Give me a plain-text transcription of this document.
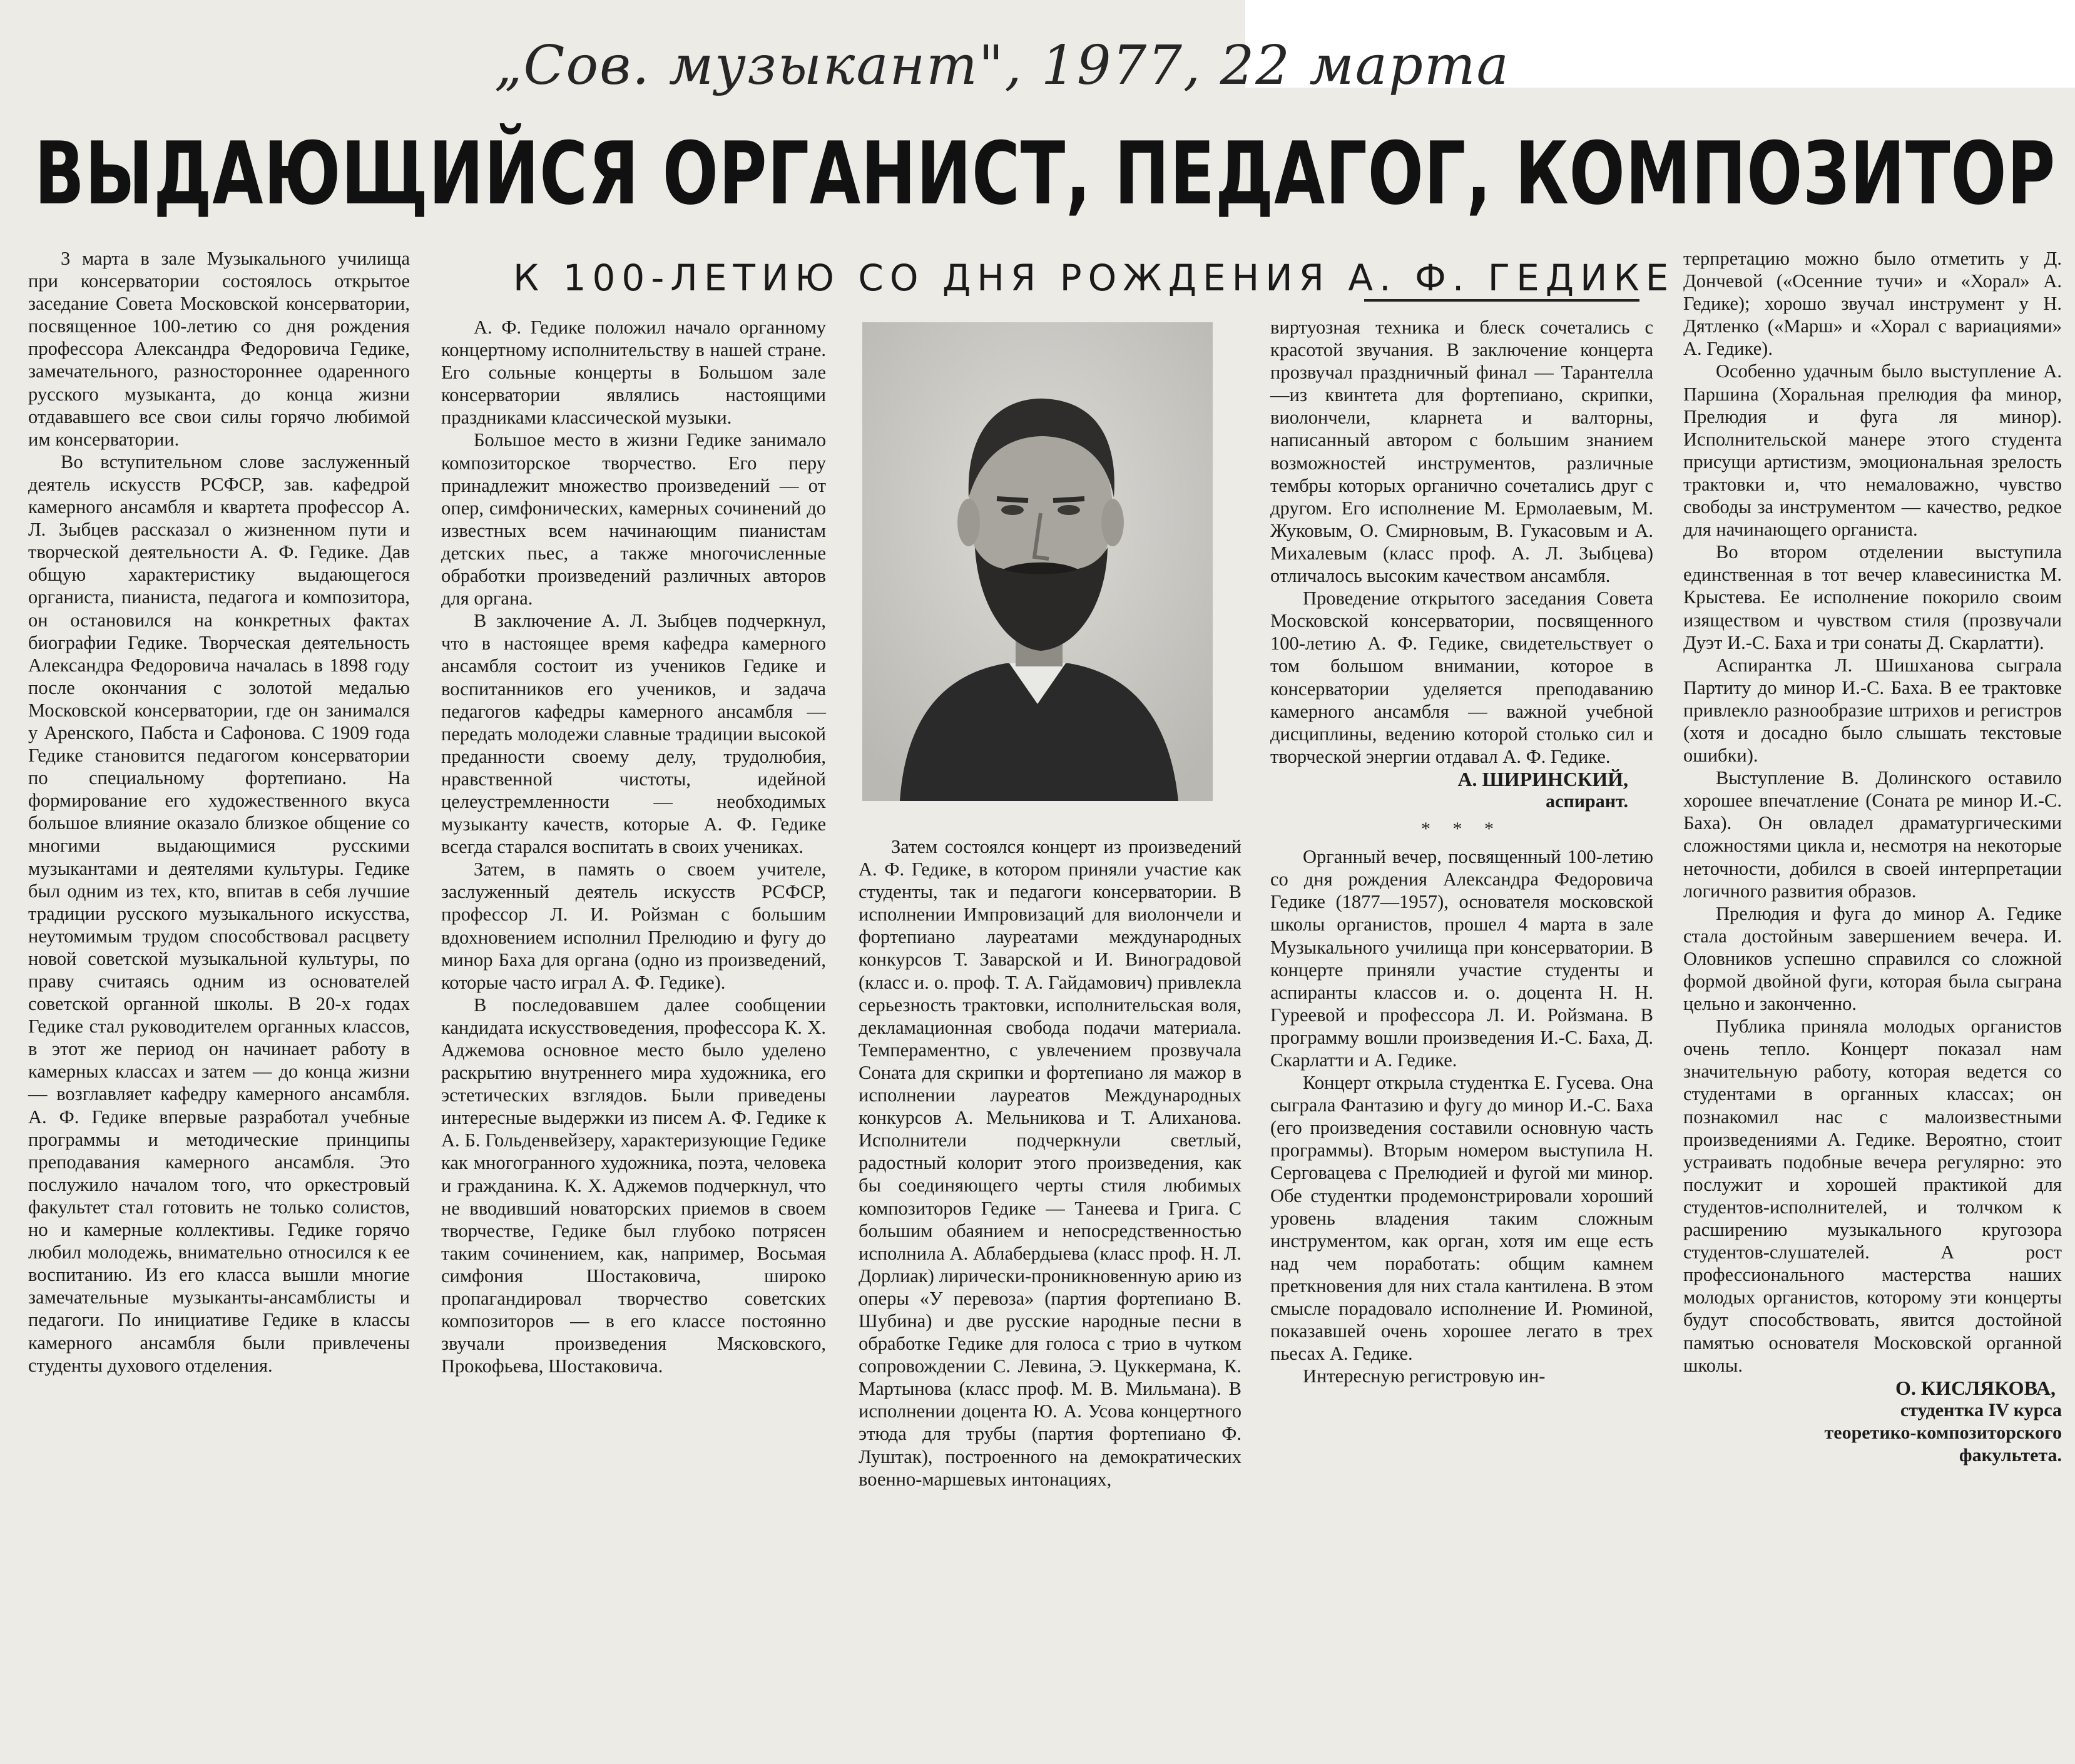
„Сов. музыкант", 1977, 22 марта
ВЫДАЮЩИЙСЯ ОРГАНИСТ, ПЕДАГОГ, КОМПОЗИТОР
К 100-ЛЕТИЮ СО ДНЯ РОЖДЕНИЯ А. Ф. ГЕДИКЕ

3 марта в зале Музыкального училища при консерватории состоялось открытое заседание Совета Московской консерватории, посвященное 100-летию со дня рождения профессора Александра Федоровича Гедике, замечательного, разностороннее одаренного русского музыканта, до конца жизни отдававшего все свои силы горячо любимой им консерватории.

Во вступительном слове заслуженный деятель искусств РСФСР, зав. кафедрой камерного ансамбля и квартета профессор А. Л. Зыбцев рассказал о жизненном пути и творческой деятельности А. Ф. Гедике. Дав общую характеристику выдающегося органиста, пианиста, педагога и композитора, он остановился на конкретных фактах биографии Гедике. Творческая деятельность Александра Федоровича началась в 1898 году после окончания с золотой медалью Московской консерватории, где он занимался у Аренского, Пабста и Сафонова. С 1909 года Гедике становится педагогом консерватории по специальному фортепиано. На формирование его художественного вкуса большое влияние оказало близкое общение со многими выдающимися русскими музыкантами и деятелями культуры. Гедике был одним из тех, кто, впитав в себя лучшие традиции русского музыкального искусства, неутомимым трудом способствовал расцвету новой советской музыкальной культуры, по праву считаясь одним из основателей советской органной школы. В 20-х годах Гедике стал руководителем органных классов, в этот же период он начинает работу в камерных классах и затем — до конца жизни — возглавляет кафедру камерного ансамбля. А. Ф. Гедике впервые разработал учебные программы и методические принципы преподавания камерного ансамбля. Это послужило началом того, что оркестровый факультет стал готовить не только солистов, но и камерные коллективы. Гедике горячо любил молодежь, внимательно относился к ее воспитанию. Из его класса вышли многие замечательные музыканты-ансамблисты и педагоги. По инициативе Гедике в классы камерного ансамбля были привлечены студенты духового отделения.

А. Ф. Гедике положил начало органному концертному исполнительству в нашей стране. Его сольные концерты в Большом зале консерватории являлись настоящими праздниками классической музыки.

Большое место в жизни Гедике занимало композиторское творчество. Его перу принадлежит множество произведений — от опер, симфонических, камерных сочинений до известных всем начинающим пианистам детских пьес, а также многочисленные обработки произведений различных авторов для органа.

В заключение А. Л. Зыбцев подчеркнул, что в настоящее время кафедра камерного ансамбля состоит из учеников Гедике и воспитанников его учеников, и задача педагогов кафедры камерного ансамбля — передать молодежи славные традиции высокой преданности своему делу, трудолюбия, нравственной чистоты, идейной целеустремленности — необходимых музыканту качеств, которые А. Ф. Гедике всегда старался воспитать в своих учениках.

Затем, в память о своем учителе, заслуженный деятель искусств РСФСР, профессор Л. И. Ройзман с большим вдохновением исполнил Прелюдию и фугу до минор Баха для органа (одно из произведений, которые часто играл А. Ф. Гедике).

В последовавшем далее сообщении кандидата искусствоведения, профессора К. Х. Аджемова основное место было уделено раскрытию внутреннего мира художника, его эстетических взглядов. Были приведены интересные выдержки из писем А. Ф. Гедике к А. Б. Гольденвейзеру, характеризующие Гедике как многогранного художника, поэта, человека и гражданина. К. Х. Аджемов подчеркнул, что не вводивший новаторских приемов в своем творчестве, Гедике был глубоко потрясен таким сочинением, как, например, Восьмая симфония Шостаковича, широко пропагандировал творчество советских композиторов — в его классе постоянно звучали произведения Мясковского, Прокофьева, Шостаковича.

Затем состоялся концерт из произведений А. Ф. Гедике, в котором приняли участие как студенты, так и педагоги консерватории. В исполнении Импровизаций для виолончели и фортепиано лауреатами международных конкурсов Т. Заварской и И. Виноградовой (класс и. о. проф. Т. А. Гайдамович) привлекла серьезность трактовки, исполнительская воля, декламационная свобода подачи материала. Темпераментно, с увлечением прозвучала Соната для скрипки и фортепиано ля мажор в исполнении лауреатов Международных конкурсов А. Мельникова и Т. Алиханова. Исполнители подчеркнули светлый, радостный колорит этого произведения, как бы соединяющего черты стиля любимых композиторов Гедике — Танеева и Грига. С большим обаянием и непосредственностью исполнила А. Аблабердыева (класс проф. Н. Л. Дорлиак) лирически-проникновенную арию из оперы «У перевоза» (партия фортепиано В. Шубина) и две русские народные песни в обработке Гедике для голоса с трио в чутком сопровождении С. Левина, Э. Цуккермана, К. Мартынова (класс проф. М. В. Мильмана). В исполнении доцента Ю. А. Усова концертного этюда для трубы (партия фортепиано Ф. Луштак), построенного на демократических военно-маршевых интонациях,

виртуозная техника и блеск сочетались с красотой звучания. В заключение концерта прозвучал праздничный финал — Тарантелла—из квинтета для фортепиано, скрипки, виолончели, кларнета и валторны, написанный автором с большим знанием возможностей инструментов, различные тембры которых органично сочетались друг с другом. Его исполнение М. Ермолаевым, М. Жуковым, О. Смирновым, В. Гукасовым и А. Михалевым (класс проф. А. Л. Зыбцева) отличалось высоким качеством ансамбля.

Проведение открытого заседания Совета Московской консерватории, посвященного 100-летию А. Ф. Гедике, свидетельствует о том большом внимании, которое в консерватории уделяется преподаванию камерного ансамбля — важной учебной дисциплины, ведению которой столько сил и творческой энергии отдавал А. Ф. Гедике.

А. ШИРИНСКИЙ,
аспирант.
* * *

Органный вечер, посвященный 100-летию со дня рождения Александра Федоровича Гедике (1877—1957), основателя московской школы органистов, прошел 4 марта в зале Музыкального училища при консерватории. В концерте приняли участие студенты и аспиранты классов и. о. доцента Н. Н. Гуреевой и профессора Л. И. Ройзмана. В программу вошли произведения И.-С. Баха, Д. Скарлатти и А. Гедике.

Концерт открыла студентка Е. Гусева. Она сыграла Фантазию и фугу до минор И.-С. Баха (его произведения составили основную часть программы). Вторым номером выступила Н. Серговацева с Прелюдией и фугой ми минор. Обе студентки продемонстрировали хороший уровень владения таким сложным инструментом, как орган, хотя им еще есть над чем поработать: общим камнем преткновения для них стала кантилена. В этом смысле порадовало исполнение И. Рюминой, показавшей очень хорошее легато в трех пьесах А. Гедике.

Интересную регистровую ин-

терпретацию можно было отметить у Д. Дончевой («Осенние тучи» и «Хорал» А. Гедике); хорошо звучал инструмент у Н. Дятленко («Марш» и «Хорал с вариациями» А. Гедике).

Особенно удачным было выступление А. Паршина (Хоральная прелюдия фа минор, Прелюдия и фуга ля минор). Исполнительской манере этого студента присущи артистизм, эмоциональная зрелость трактовки и, что немаловажно, чувство свободы за инструментом — качество, редкое для начинающего органиста.

Во втором отделении выступила единственная в тот вечер клавесинистка М. Крыстева. Ее исполнение покорило своим изяществом и чувством стиля (прозвучали Дуэт И.-С. Баха и три сонаты Д. Скарлатти).

Аспирантка Л. Шишханова сыграла Партиту до минор И.-С. Баха. В ее трактовке привлекло разнообразие штрихов и регистров (хотя и досадно было слышать текстовые ошибки).

Выступление В. Долинского оставило хорошее впечатление (Соната ре минор И.-С. Баха). Он овладел драматургическими сложностями цикла и, несмотря на некоторые неточности, добился в своей интерпретации логичного развития образов.

Прелюдия и фуга до минор А. Гедике стала достойным завершением вечера. И. Оловников успешно справился со сложной формой двойной фуги, которая была сыграна цельно и законченно.

Публика приняла молодых органистов очень тепло. Концерт показал нам значительную работу, которая ведется со студентами в органных классах; он познакомил нас с малоизвестными произведениями А. Гедике. Вероятно, стоит устраивать подобные вечера регулярно: это послужит и хорошей практикой для студентов-исполнителей, и толчком к расширению музыкального кругозора студентов-слушателей. А рост профессионального мастерства наших молодых органистов, которому эти концерты будут способствовать, явится достойной памятью основателя Московской органной школы.

О. КИСЛЯКОВА,
студентка IV курса
теоретико-композиторского
факультета.
